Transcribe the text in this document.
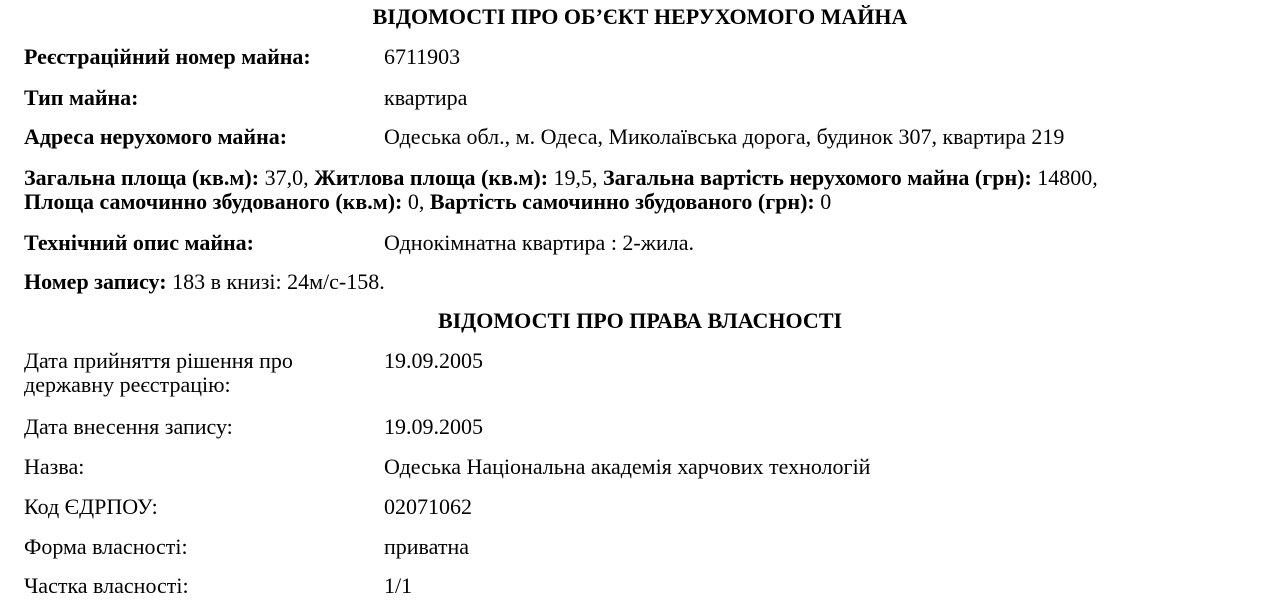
ВІДОМОСТІ ПРО ОБ’ЄКТ НЕРУХОМОГО МАЙНА
Реєстраційний номер майна:	6711903
Тип майна:	квартира
Адреса нерухомого майна:	Одеська обл., м. Одеса, Миколаївська дорога, будинок 307, квартира 219
Загальна площа (кв.м): 37,0, Житлова площа (кв.м): 19,5, Загальна вартість нерухомого майна (грн): 14800,
Площа самочинно збудованого (кв.м): 0, Вартість самочинно збудованого (грн): 0
Технічний опис майна:	Однокімнатна квартира : 2-жила.
Номер запису: 183 в книзі: 24м/с-158.
ВІДОМОСТІ ПРО ПРАВА ВЛАСНОСТІ
Дата прийняття рішення про державну реєстрацію:
19.09.2005
Дата внесення запису:	19.09.2005
Назва:	Одеська Національна академія харчових технологій
Код ЄДРПОУ:	02071062
Форма власності:	приватна
Частка власності:	1/1
